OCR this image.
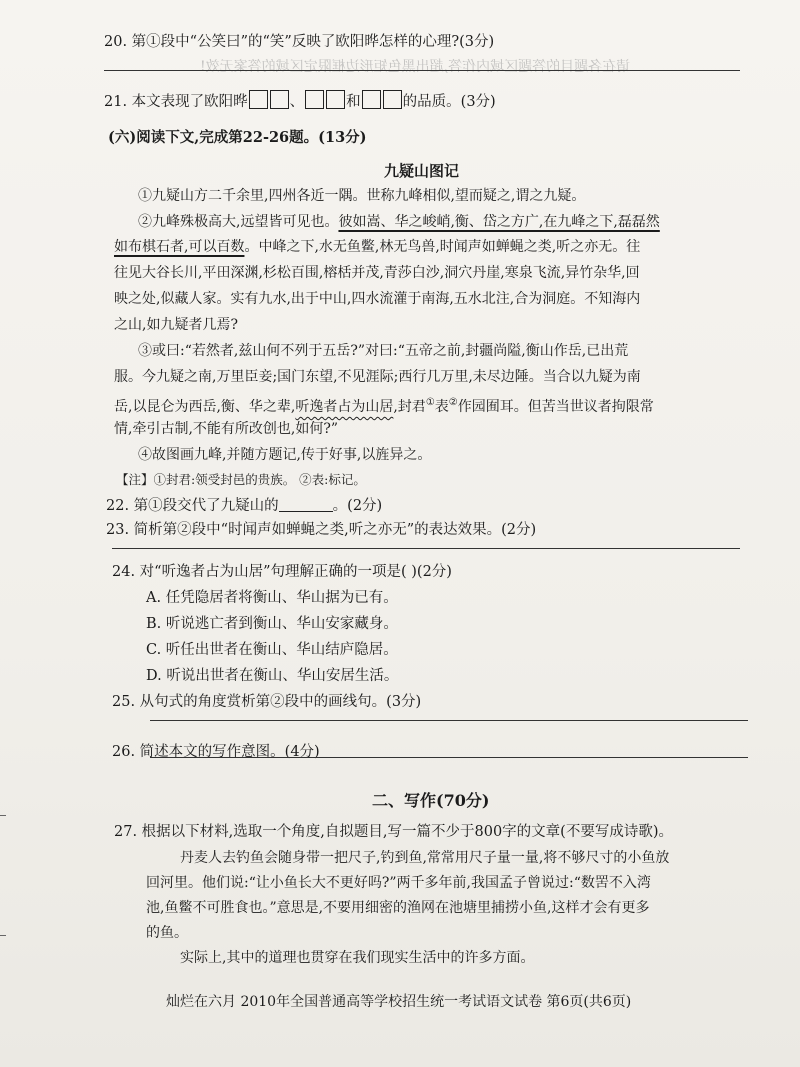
20. 第①段中“公笑曰”的“笑”反映了欧阳晔怎样的心理?(3分)
请在各题目的答题区域内作答,超出黑色矩形边框限定区域的答案无效!
21. 本文表现了欧阳晔	、	和	的品质。(3分)
(六)阅读下文,完成第22-26题。(13分)
九疑山图记
①九疑山方二千余里,四州各近一隅。世称九峰相似,望而疑之,谓之九疑。
②九峰殊极高大,远望皆可见也。彼如嵩、华之峻峭,衡、岱之方广,在九峰之下,磊磊然
如布棋石者,可以百数。中峰之下,水无鱼鳖,林无鸟兽,时闻声如蝉蝇之类,听之亦无。往
往见大谷长川,平田深渊,杉松百围,榕栝并茂,青莎白沙,洞穴丹崖,寒泉飞流,异竹杂华,回
映之处,似藏人家。实有九水,出于中山,四水流灌于南海,五水北注,合为洞庭。不知海内
之山,如九疑者几焉?
③或曰:“若然者,兹山何不列于五岳?”对曰:“五帝之前,封疆尚隘,衡山作岳,已出荒
服。今九疑之南,万里臣妾;国门东望,不见涯际;西行几万里,未尽边陲。当合以九疑为南
岳,以昆仑为西岳,衡、华之辈,听逸者占为山居,封君①表②作园囿耳。但苦当世议者拘限常
情,牵引古制,不能有所改创也,如何?”
④故图画九峰,并随方题记,传于好事,以旌异之。
【注】①封君:领受封邑的贵族。 ②表:标记。
22. 第①段交代了九疑山的	。(2分)
23. 简析第②段中“时闻声如蝉蝇之类,听之亦无”的表达效果。(2分)
24. 对“听逸者占为山居”句理解正确的一项是( )(2分)
A. 任凭隐居者将衡山、华山据为已有。
B. 听说逃亡者到衡山、华山安家藏身。
C. 听任出世者在衡山、华山结庐隐居。
D. 听说出世者在衡山、华山安居生活。
25. 从句式的角度赏析第②段中的画线句。(3分)
26. 简述本文的写作意图。(4分)
二、写作(70分)
27. 根据以下材料,选取一个角度,自拟题目,写一篇不少于800字的文章(不要写成诗歌)。
丹麦人去钓鱼会随身带一把尺子,钓到鱼,常常用尺子量一量,将不够尺寸的小鱼放
回河里。他们说:“让小鱼长大不更好吗?”两千多年前,我国孟子曾说过:“数罟不入湾
池,鱼鳖不可胜食也。”意思是,不要用细密的渔网在池塘里捕捞小鱼,这样才会有更多
的鱼。
实际上,其中的道理也贯穿在我们现实生活中的许多方面。
灿烂在六月 2010年全国普通高等学校招生统一考试语文试卷 第6页(共6页)
